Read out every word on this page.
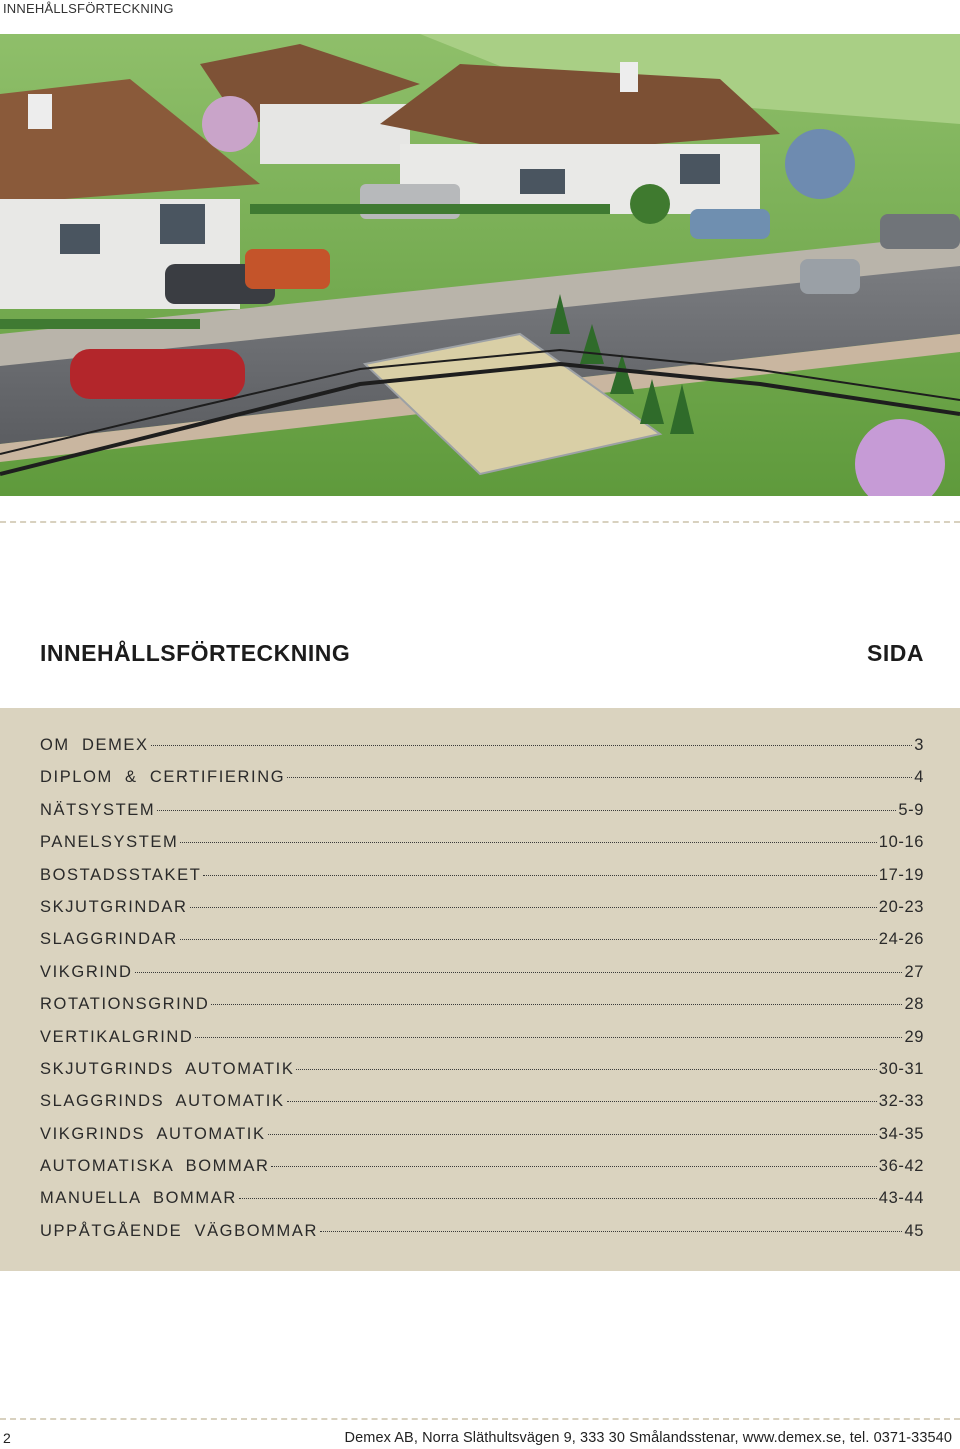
INNEHÅLLSFÖRTECKNING
INNEHÅLLSFÖRTECKNING	SIDA
OM DEMEX	3
DIPLOM & CERTIFIERING	4
NÄTSYSTEM	5-9
PANELSYSTEM	10-16
BOSTADSSTAKET	17-19
SKJUTGRINDAR	20-23
SLAGGRINDAR	24-26
VIKGRIND	27
ROTATIONSGRIND	28
VERTIKALGRIND	29
SKJUTGRINDS AUTOMATIK	30-31
SLAGGRINDS AUTOMATIK	32-33
VIKGRINDS AUTOMATIK	34-35
AUTOMATISKA BOMMAR	36-42
MANUELLA BOMMAR	43-44
UPPÅTGÅENDE VÄGBOMMAR	45
2	Demex AB, Norra Släthultsvägen 9, 333 30 Smålandsstenar, www.demex.se, tel. 0371-33540
